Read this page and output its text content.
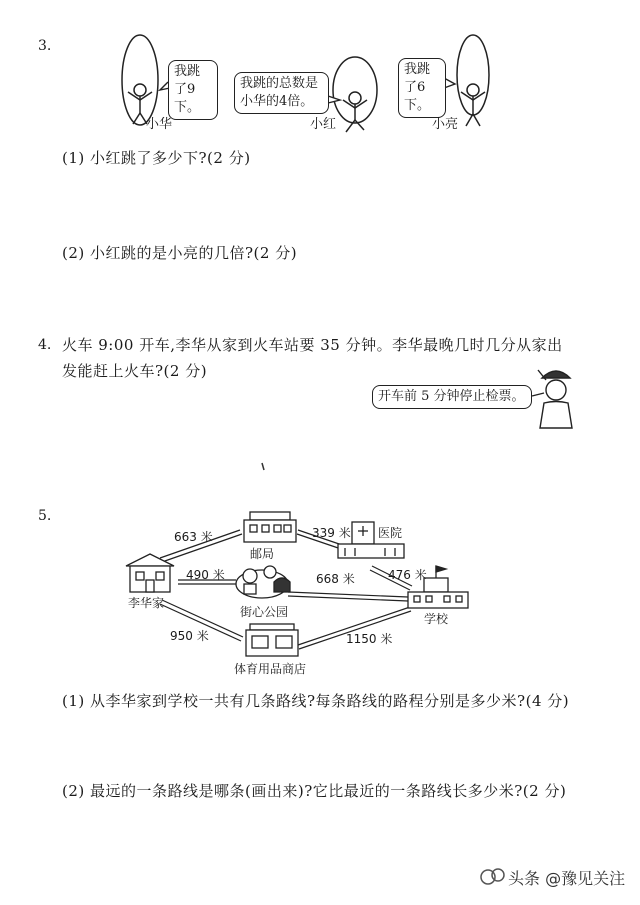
3.
我跳了9下。
我跳的总数是小华的4倍。
我跳了6下。
小华	小红	小亮
(1) 小红跳了多少下?(2 分)
(2) 小红跳的是小亮的几倍?(2 分)
4. 火车 9:00 开车,李华从家到火车站要 35 分钟。李华最晚几时几分从家出
发能赶上火车?(2 分)
开车前 5 分钟停止检票。
5.
663 米	339 米
490 米	668 米	476 米
950 米	1150 米
李华家
邮局
医院
街心公园	学校
体育用品商店
(1) 从李华家到学校一共有几条路线?每条路线的路程分别是多少米?(4 分)
(2) 最远的一条路线是哪条(画出来)?它比最近的一条路线长多少米?(2 分)
头条 @豫见关注
